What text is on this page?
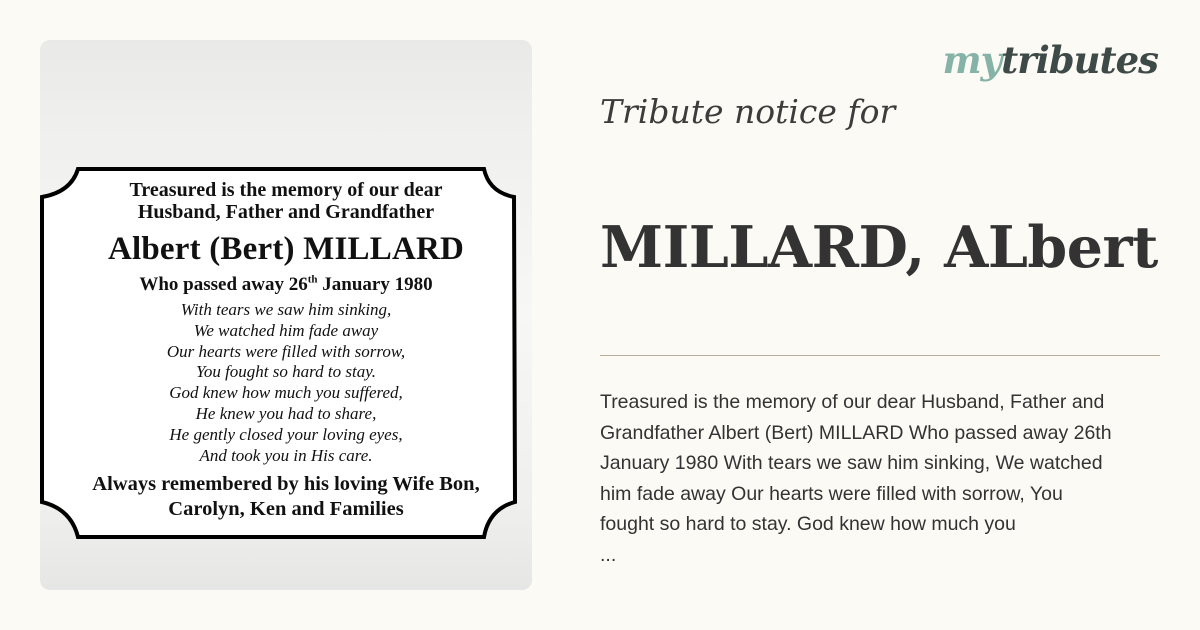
Treasured is the memory of our dear
Husband, Father and Grandfather
Albert (Bert) MILLARD
Who passed away 26th January 1980
With tears we saw him sinking,
We watched him fade away
Our hearts were filled with sorrow,
You fought so hard to stay.
God knew how much you suffered,
He knew you had to share,
He gently closed your loving eyes,
And took you in His care.
Always remembered by his loving Wife Bon,
Carolyn, Ken and Families
mytributes
Tribute notice for
MILLARD, ALbert
Treasured is the memory of our dear Husband, Father and
Grandfather Albert (Bert) MILLARD Who passed away 26th
January 1980 With tears we saw him sinking, We watched
him fade away Our hearts were filled with sorrow, You
fought so hard to stay. God knew how much you
...
